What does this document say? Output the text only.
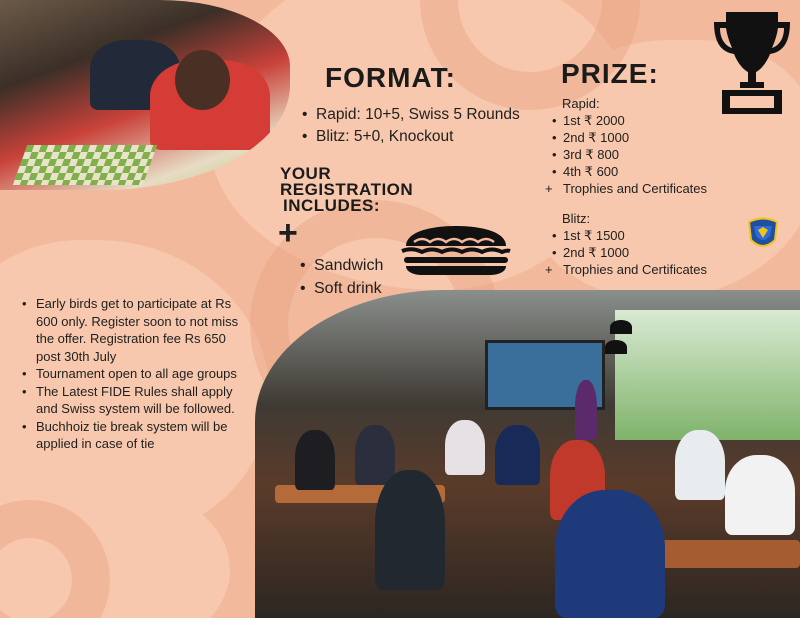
FORMAT:
• Rapid: 10+5, Swiss 5 Rounds
• Blitz: 5+0, Knockout
PRIZE:
Rapid:
• 1st ₹ 2000
• 2nd ₹ 1000
• 3rd ₹ 800
• 4th ₹ 600
+ Trophies and Certificates
Blitz:
• 1st ₹ 1500
• 2nd ₹ 1000
+ Trophies and Certificates
YOUR
REGISTRATION
INCLUDES:
+
• Sandwich
• Soft drink
• Early birds get to participate at Rs 600 only. Register soon to not miss the offer. Registration fee Rs 650 post 30th July
• Tournament open to all age groups
• The Latest FIDE Rules shall apply and Swiss system will be followed.
• Buchhoiz tie break system will be applied in case of tie
